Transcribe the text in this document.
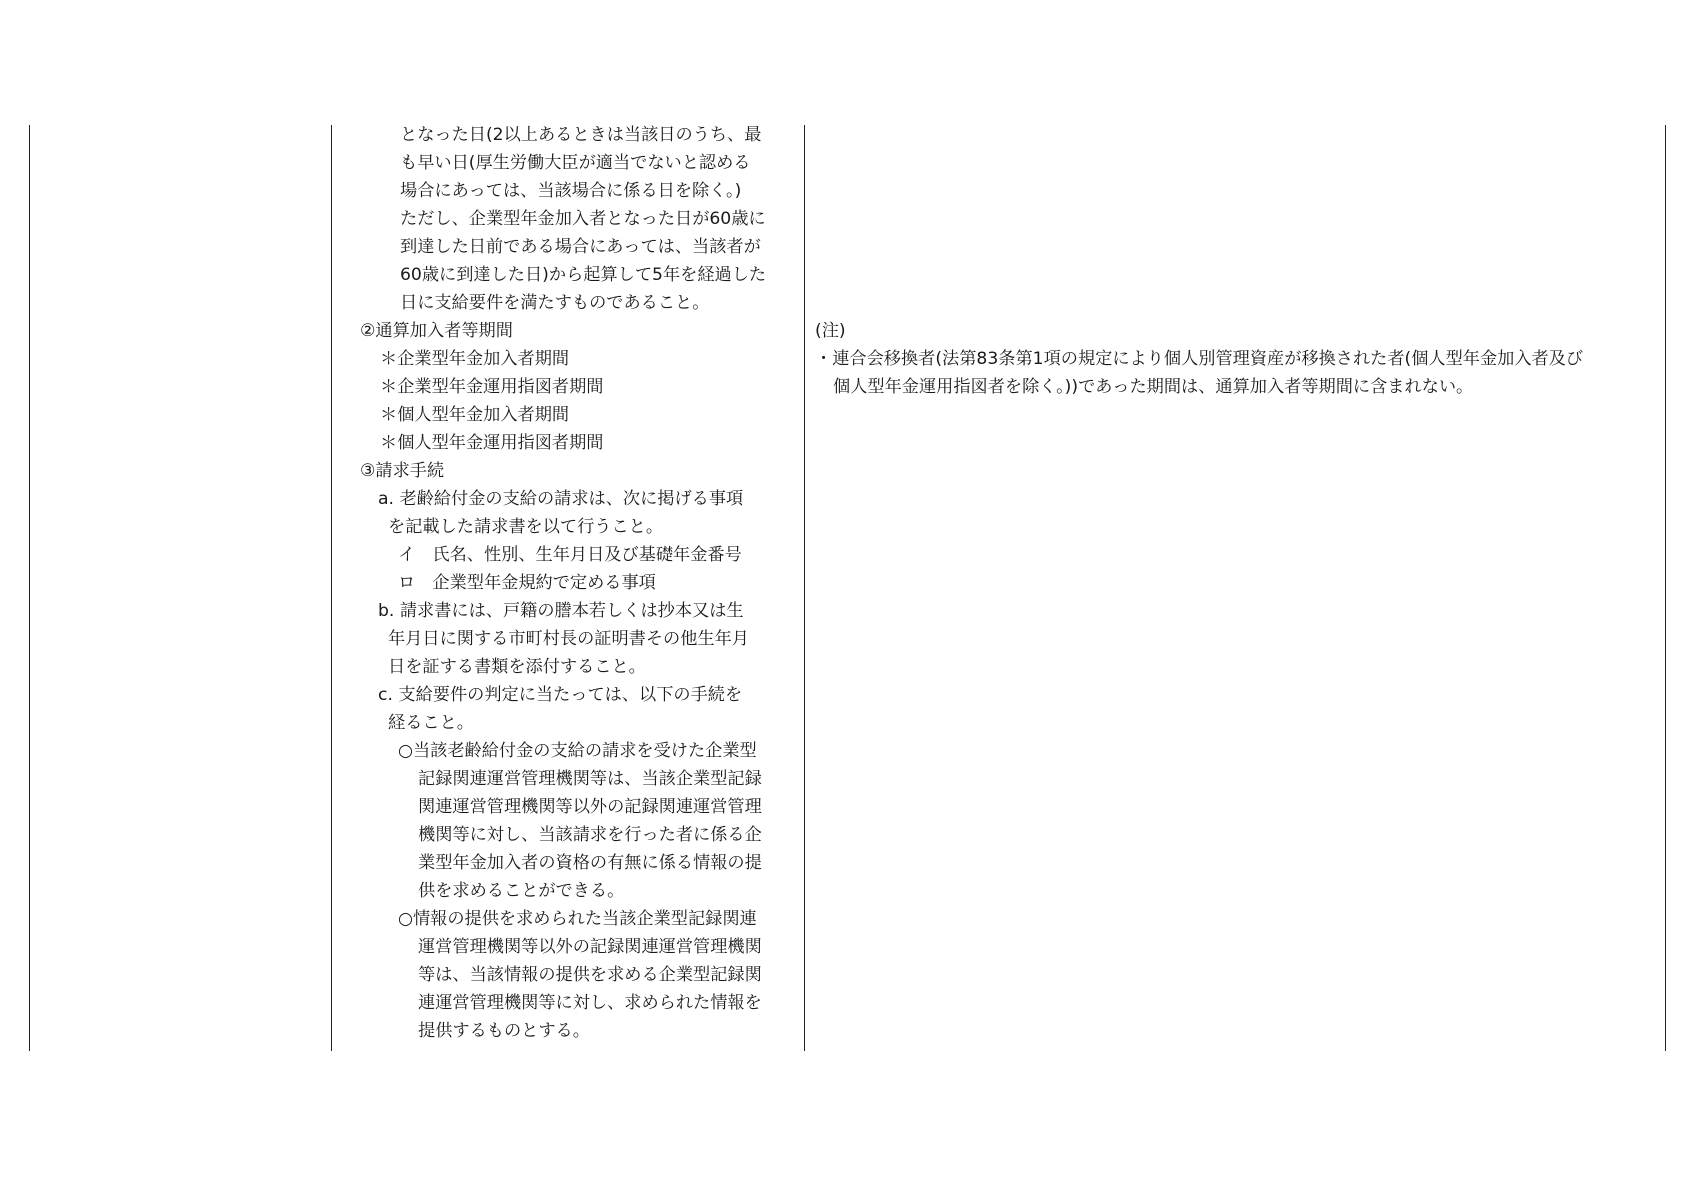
となった日(2以上あるときは当該日のうち、最
も早い日(厚生労働大臣が適当でないと認める
場合にあっては、当該場合に係る日を除く。)
ただし、企業型年金加入者となった日が60歳に
到達した日前である場合にあっては、当該者が
60歳に到達した日)から起算して5年を経過した
日に支給要件を満たすものであること。
②通算加入者等期間
＊企業型年金加入者期間
＊企業型年金運用指図者期間
＊個人型年金加入者期間
＊個人型年金運用指図者期間
③請求手続
a. 老齢給付金の支給の請求は、次に掲げる事項
を記載した請求書を以て行うこと。
イ　氏名、性別、生年月日及び基礎年金番号
ロ　企業型年金規約で定める事項
b. 請求書には、戸籍の謄本若しくは抄本又は生
年月日に関する市町村長の証明書その他生年月
日を証する書類を添付すること。
c. 支給要件の判定に当たっては、以下の手続を
経ること。
○当該老齢給付金の支給の請求を受けた企業型
記録関連運営管理機関等は、当該企業型記録
関連運営管理機関等以外の記録関連運営管理
機関等に対し、当該請求を行った者に係る企
業型年金加入者の資格の有無に係る情報の提
供を求めることができる。
○情報の提供を求められた当該企業型記録関連
運営管理機関等以外の記録関連運営管理機関
等は、当該情報の提供を求める企業型記録関
連運営管理機関等に対し、求められた情報を
提供するものとする。
(注)
・連合会移換者(法第83条第1項の規定により個人別管理資産が移換された者(個人型年金加入者及び
個人型年金運用指図者を除く。))であった期間は、通算加入者等期間に含まれない。
